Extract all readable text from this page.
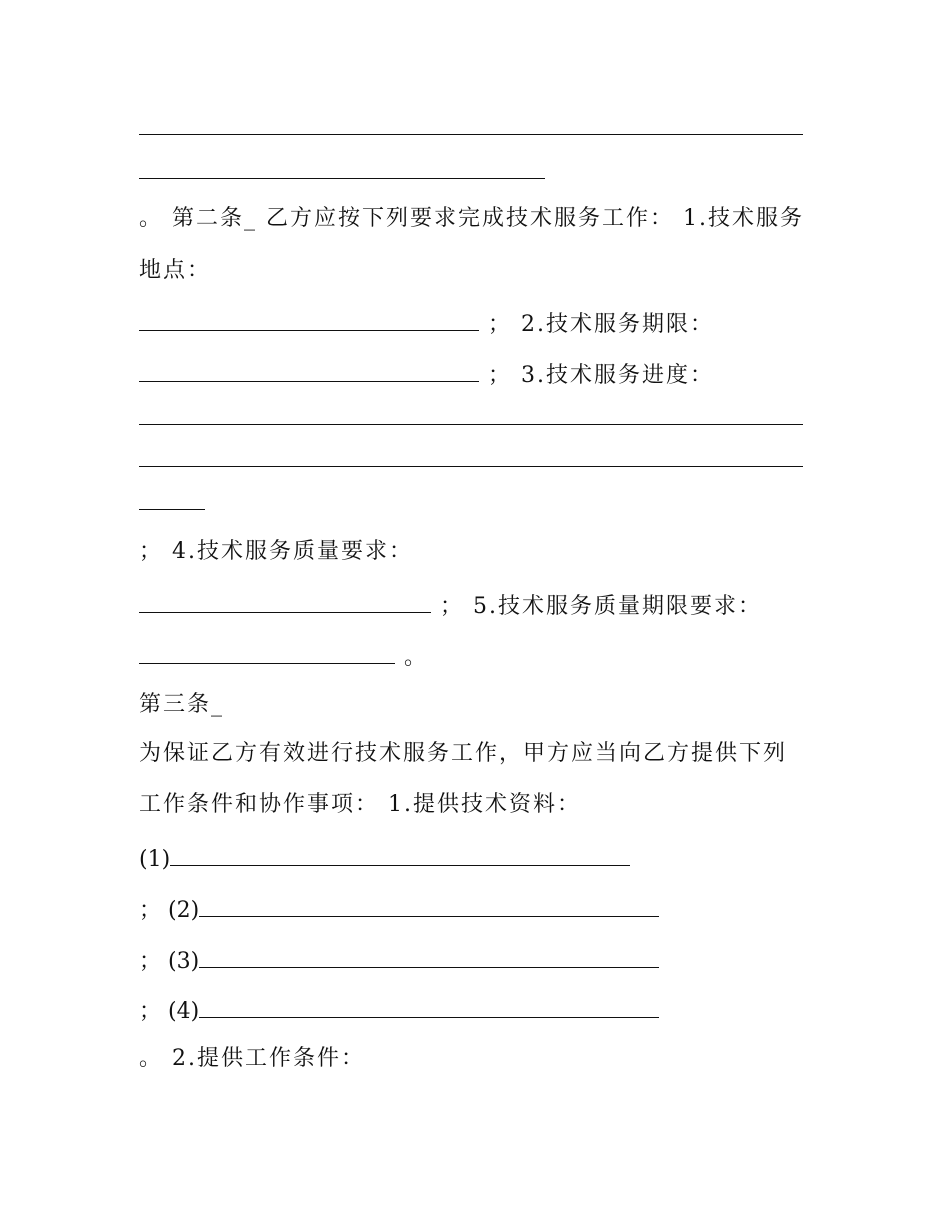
。 第二条_ 乙方应按下列要求完成技术服务工作： 1.技术服务
地点：
； 2.技术服务期限：
； 3.技术服务进度：
； 4.技术服务质量要求：
； 5.技术服务质量期限要求：
。
第三条_
为保证乙方有效进行技术服务工作，甲方应当向乙方提供下列
工作条件和协作事项： 1.提供技术资料：
(1)
； (2)
； (3)
； (4)
。 2.提供工作条件：
